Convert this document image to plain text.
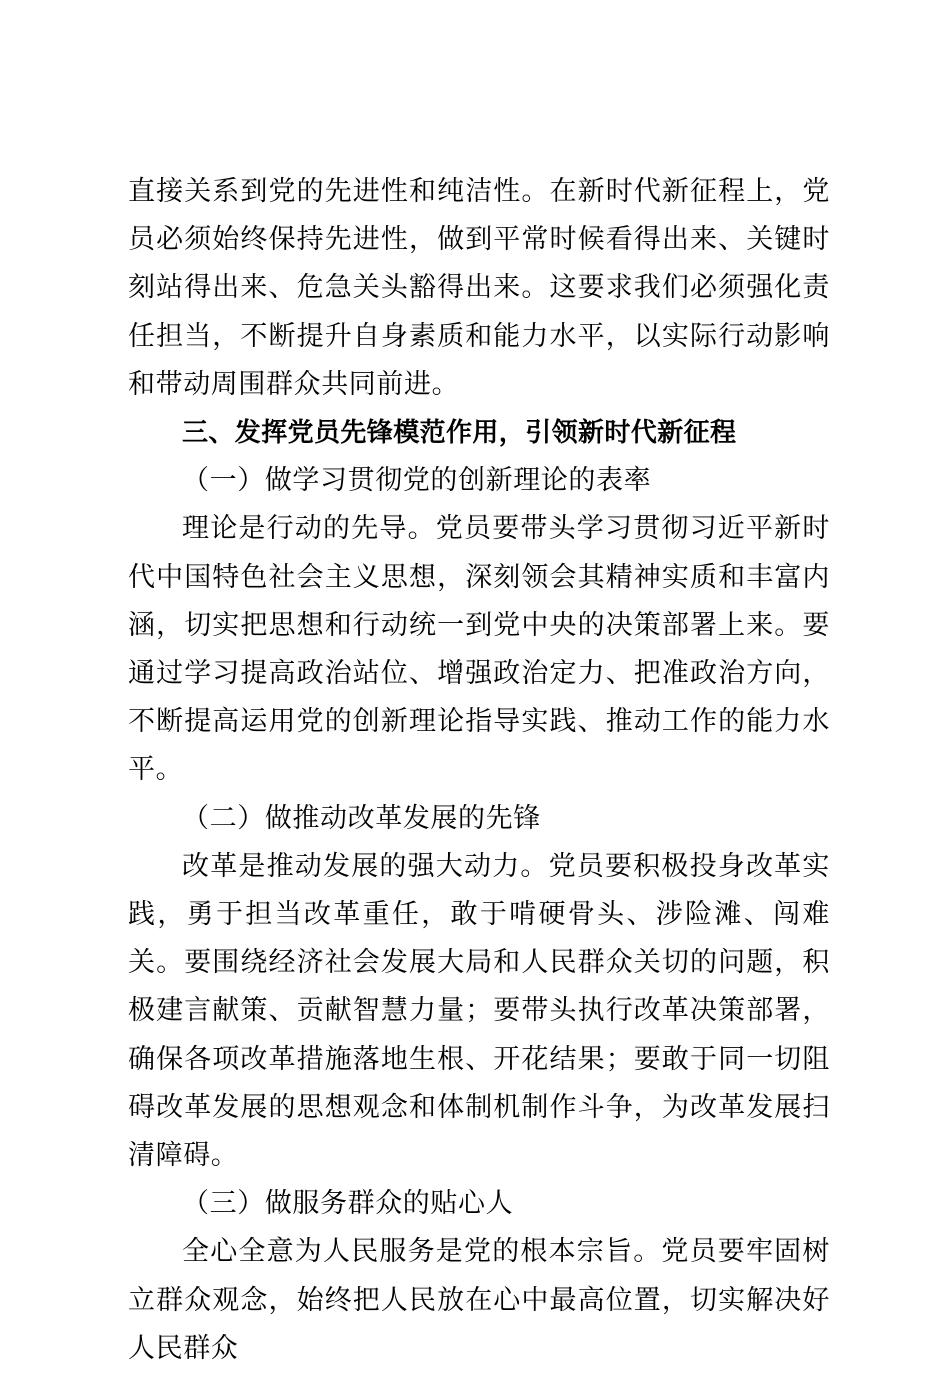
直接关系到党的先进性和纯洁性。在新时代新征程上，党员必须始终保持先进性，做到平常时候看得出来、关键时刻站得出来、危急关头豁得出来。这要求我们必须强化责任担当，不断提升自身素质和能力水平，以实际行动影响和带动周围群众共同前进。

三、发挥党员先锋模范作用，引领新时代新征程

（一）做学习贯彻党的创新理论的表率

理论是行动的先导。党员要带头学习贯彻习近平新时代中国特色社会主义思想，深刻领会其精神实质和丰富内涵，切实把思想和行动统一到党中央的决策部署上来。要通过学习提高政治站位、增强政治定力、把准政治方向，不断提高运用党的创新理论指导实践、推动工作的能力水平。

（二）做推动改革发展的先锋

改革是推动发展的强大动力。党员要积极投身改革实践，勇于担当改革重任，敢于啃硬骨头、涉险滩、闯难关。要围绕经济社会发展大局和人民群众关切的问题，积极建言献策、贡献智慧力量；要带头执行改革决策部署，确保各项改革措施落地生根、开花结果；要敢于同一切阻碍改革发展的思想观念和体制机制作斗争，为改革发展扫清障碍。

（三）做服务群众的贴心人

全心全意为人民服务是党的根本宗旨。党员要牢固树立群众观念，始终把人民放在心中最高位置，切实解决好人民群众
